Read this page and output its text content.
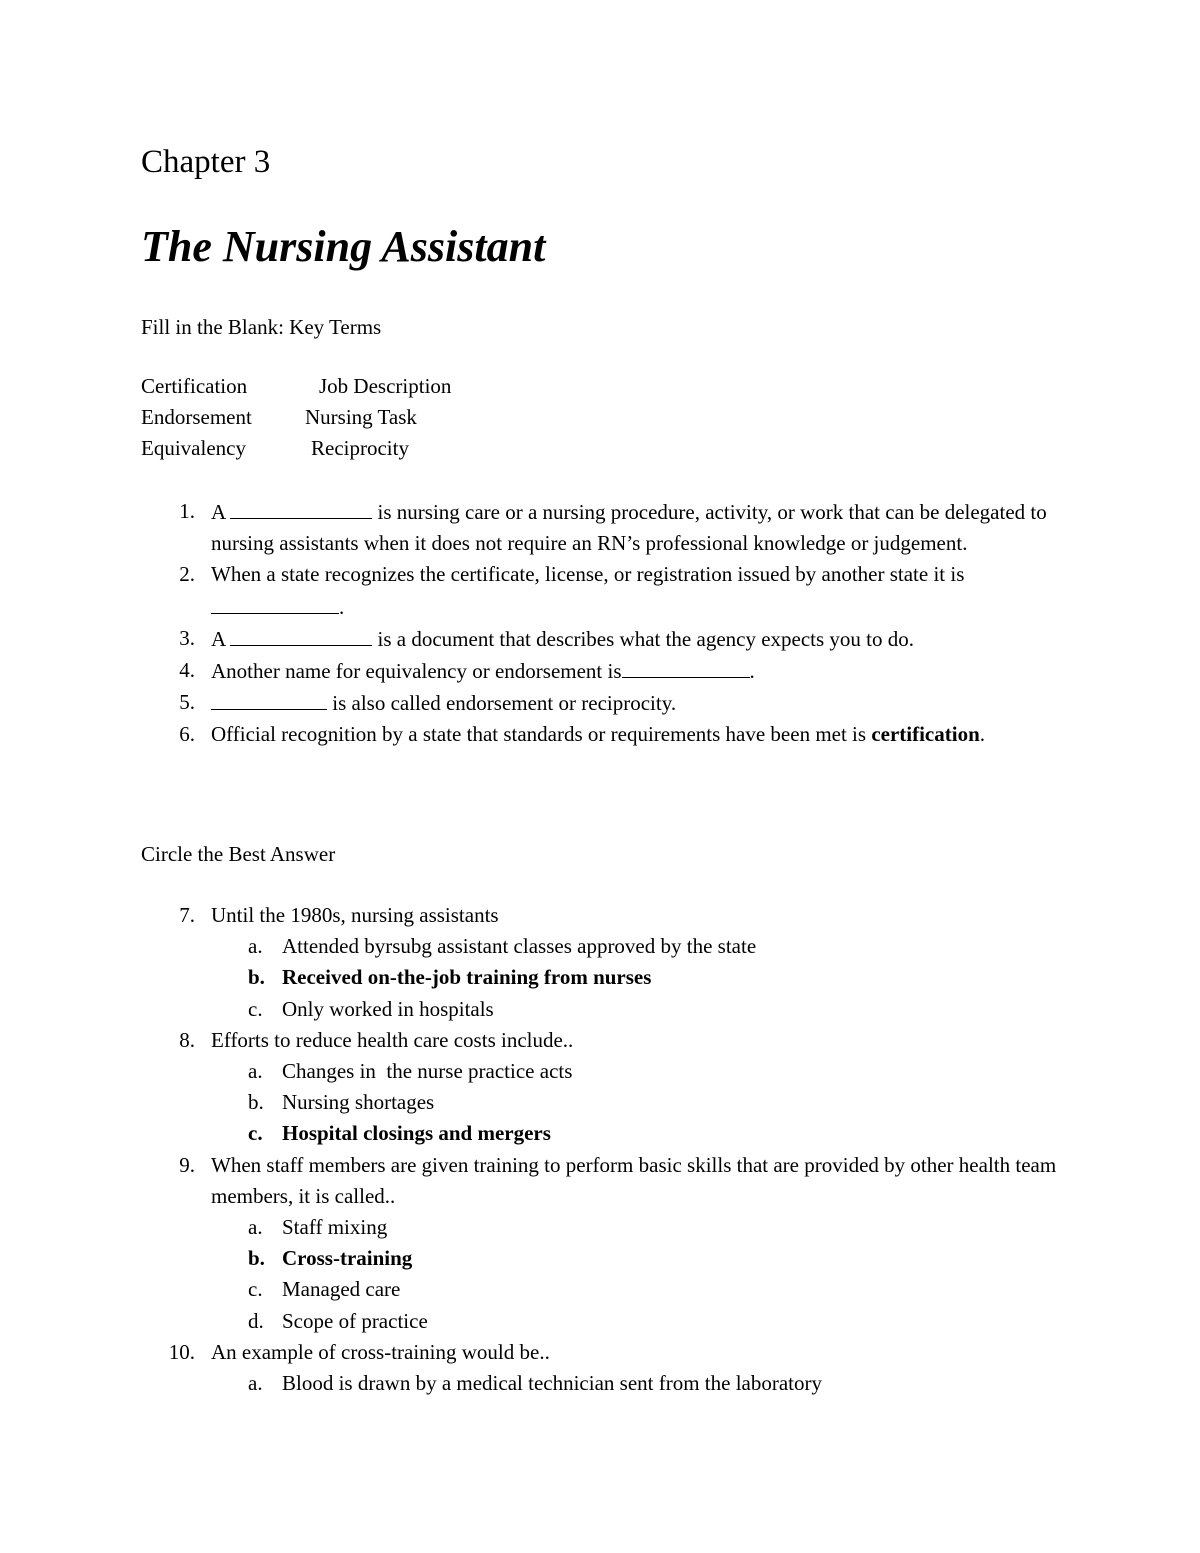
Chapter 3
The Nursing Assistant

Fill in the Blank: Key Terms

Certification	Job Description
Endorsement	Nursing Task
Equivalency	Reciprocity
1. A	is nursing care or a nursing procedure, activity, or work that can be delegated to nursing assistants when it does not require an RN’s professional knowledge or judgement.
2. When a state recognizes the certificate, license, or registration issued by another state it is.
3. A	is a document that describes what the agency expects you to do.
4. Another name for equivalency or endorsement is	.
5.	is also called endorsement or reciprocity.
6. Official recognition by a state that standards or requirements have been met is certification.

Circle the Best Answer

7. Until the 1980s, nursing assistants
a. Attended byrsubg assistant classes approved by the state
b. Received on-the-job training from nurses
c. Only worked in hospitals
8. Efforts to reduce health care costs include..
a. Changes in  the nurse practice acts
b. Nursing shortages
c. Hospital closings and mergers
9. When staff members are given training to perform basic skills that are provided by other health team members, it is called..
a. Staff mixing
b. Cross-training
c. Managed care
d. Scope of practice
10. An example of cross-training would be..
a. Blood is drawn by a medical technician sent from the laboratory
